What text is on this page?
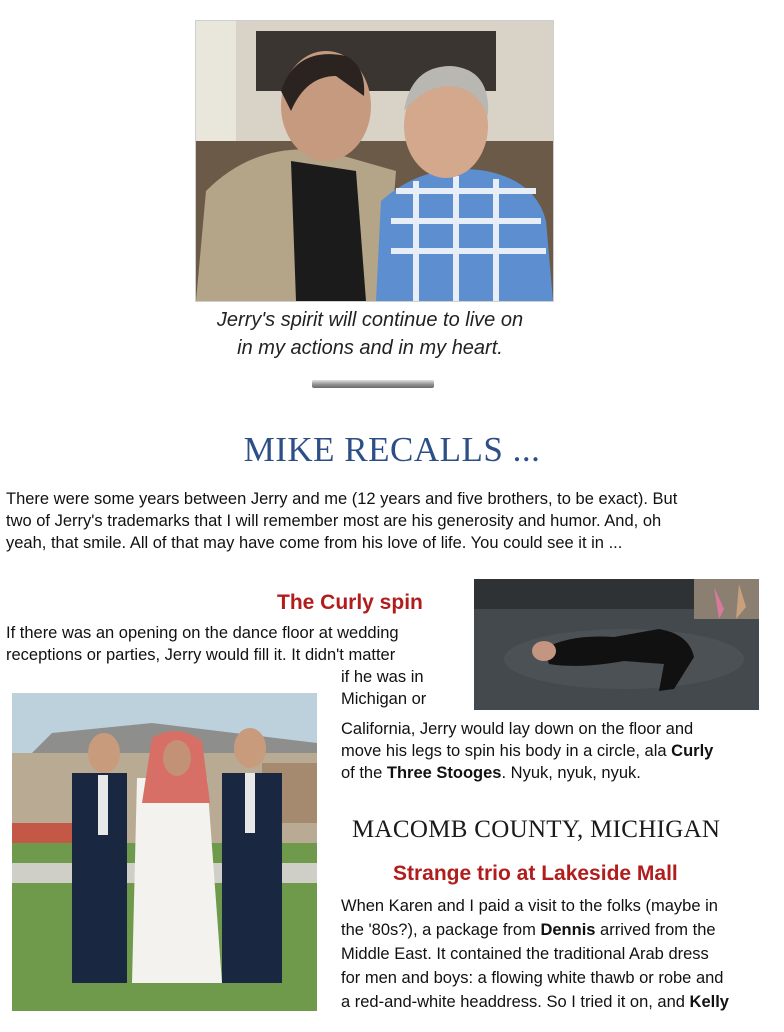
Jerry's spirit will continue to live on
in my actions and in my heart.
MIKE RECALLS ...
There were some years between Jerry and me (12 years and five brothers, to be exact). But
two of Jerry's trademarks that I will remember most are his generosity and humor. And, oh
yeah, that smile. All of that may have come from his love of life. You could see it in ...
The Curly spin
If there was an opening on the dance floor at wedding
receptions or parties, Jerry would fill it. It didn't matter
if he was in
Michigan or
California, Jerry would lay down on the floor and
move his legs to spin his body in a circle, ala Curly
of the Three Stooges. Nyuk, nyuk, nyuk.
MACOMB COUNTY, MICHIGAN
Strange trio at Lakeside Mall
When Karen and I paid a visit to the folks (maybe in
the '80s?), a package from Dennis arrived from the
Middle East. It contained the traditional Arab dress
for men and boys: a flowing white thawb or robe and
a red-and-white headdress. So I tried it on, and Kelly
